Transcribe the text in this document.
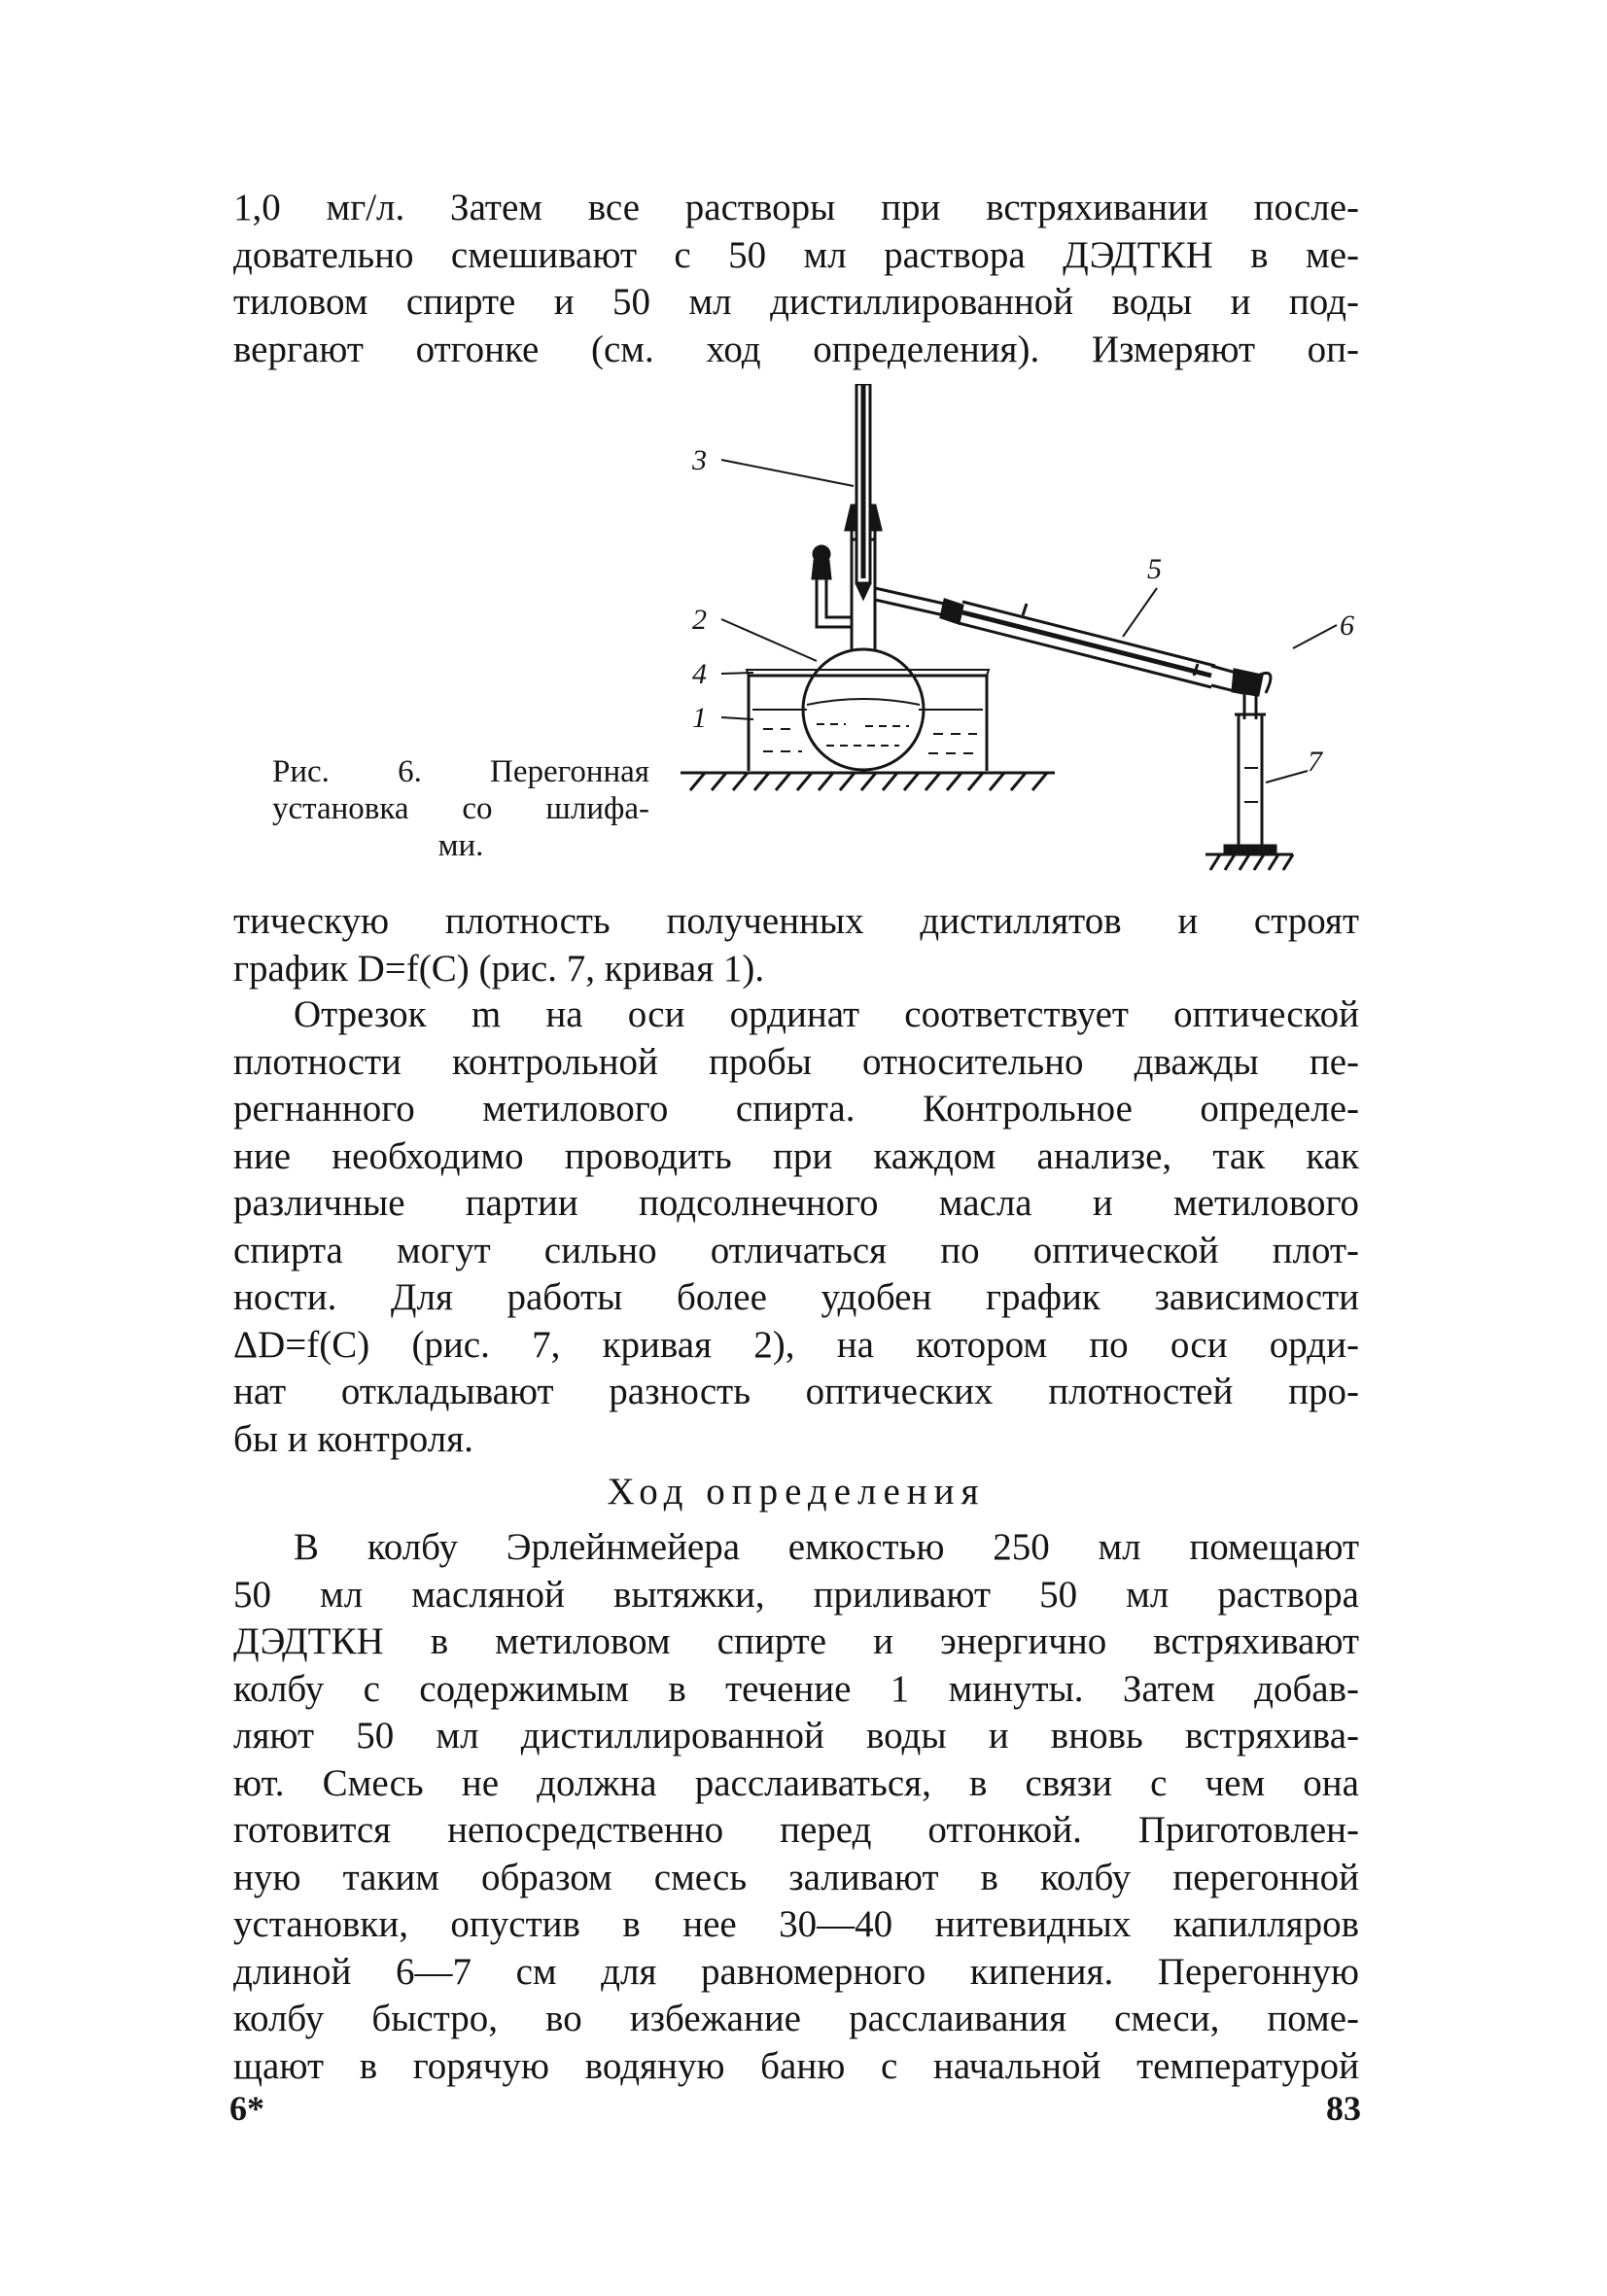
1,0 мг/л. Затем все растворы при встряхивании после-
довательно смешивают с 50 мл раствора ДЭДТКН в ме-
тиловом спирте и 50 мл дистиллированной воды и под-
вергают отгонке (см. ход определения). Измеряют оп-
3
2
4
1
5
6
7
Рис. 6. Перегонная
установка со шлифа-
ми.
тическую плотность полученных дистиллятов и строят
график D=f(C) (рис. 7, кривая 1).
Отрезок m на оси ординат соответствует оптической
плотности контрольной пробы относительно дважды пе-
регнанного метилового спирта. Контрольное определе-
ние необходимо проводить при каждом анализе, так как
различные партии подсолнечного масла и метилового
спирта могут сильно отличаться по оптической плот-
ности. Для работы более удобен график зависимости
ΔD=f(C) (рис. 7, кривая 2), на котором по оси орди-
нат откладывают разность оптических плотностей про-
бы и контроля.
Ход определения
В колбу Эрлейнмейера емкостью 250 мл помещают
50 мл масляной вытяжки, приливают 50 мл раствора
ДЭДТКН в метиловом спирте и энергично встряхивают
колбу с содержимым в течение 1 минуты. Затем добав-
ляют 50 мл дистиллированной воды и вновь встряхива-
ют. Смесь не должна расслаиваться, в связи с чем она
готовится непосредственно перед отгонкой. Приготовлен-
ную таким образом смесь заливают в колбу перегонной
установки, опустив в нее 30—40 нитевидных капилляров
длиной 6—7 см для равномерного кипения. Перегонную
колбу быстро, во избежание расслаивания смеси, поме-
щают в горячую водяную баню с начальной температурой
6*	83
